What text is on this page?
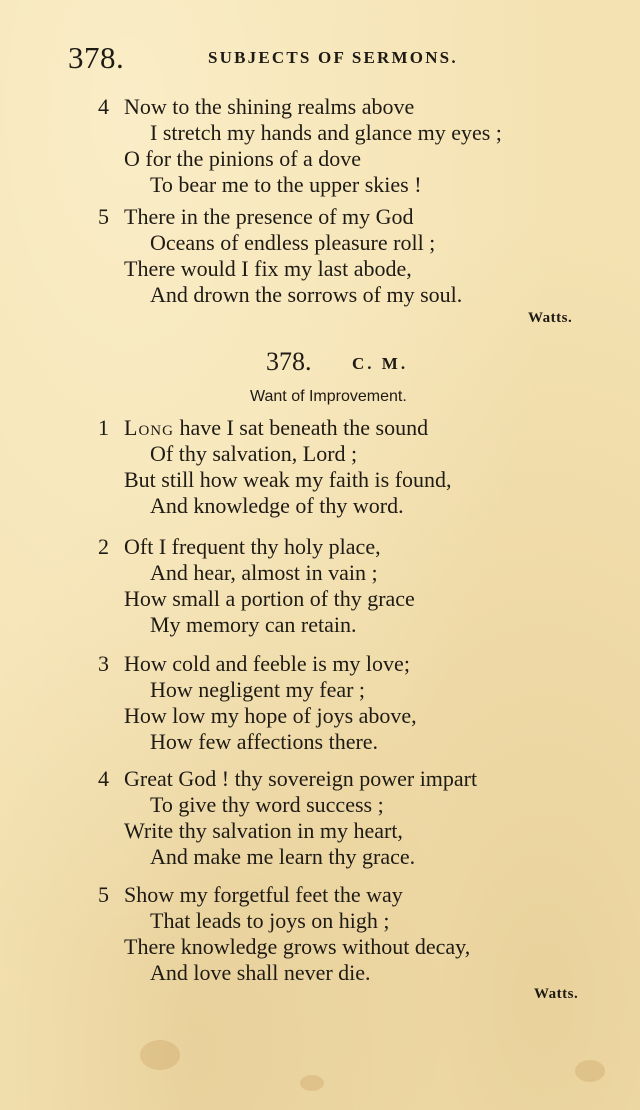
378.	SUBJECTS OF SERMONS.
4 Now to the shining realms above
I stretch my hands and glance my eyes ;
O for the pinions of a dove
To bear me to the upper skies !
5 There in the presence of my God
Oceans of endless pleasure roll ;
There would I fix my last abode,
And drown the sorrows of my soul.
Watts.
378. C. M.
Want of Improvement.
1 Long have I sat beneath the sound
Of thy salvation, Lord ;
But still how weak my faith is found,
And knowledge of thy word.
2 Oft I frequent thy holy place,
And hear, almost in vain ;
How small a portion of thy grace
My memory can retain.
3 How cold and feeble is my love;
How negligent my fear ;
How low my hope of joys above,
How few affections there.
4 Great God ! thy sovereign power impart
To give thy word success ;
Write thy salvation in my heart,
And make me learn thy grace.
5 Show my forgetful feet the way
That leads to joys on high ;
There knowledge grows without decay,
And love shall never die.
Watts.
